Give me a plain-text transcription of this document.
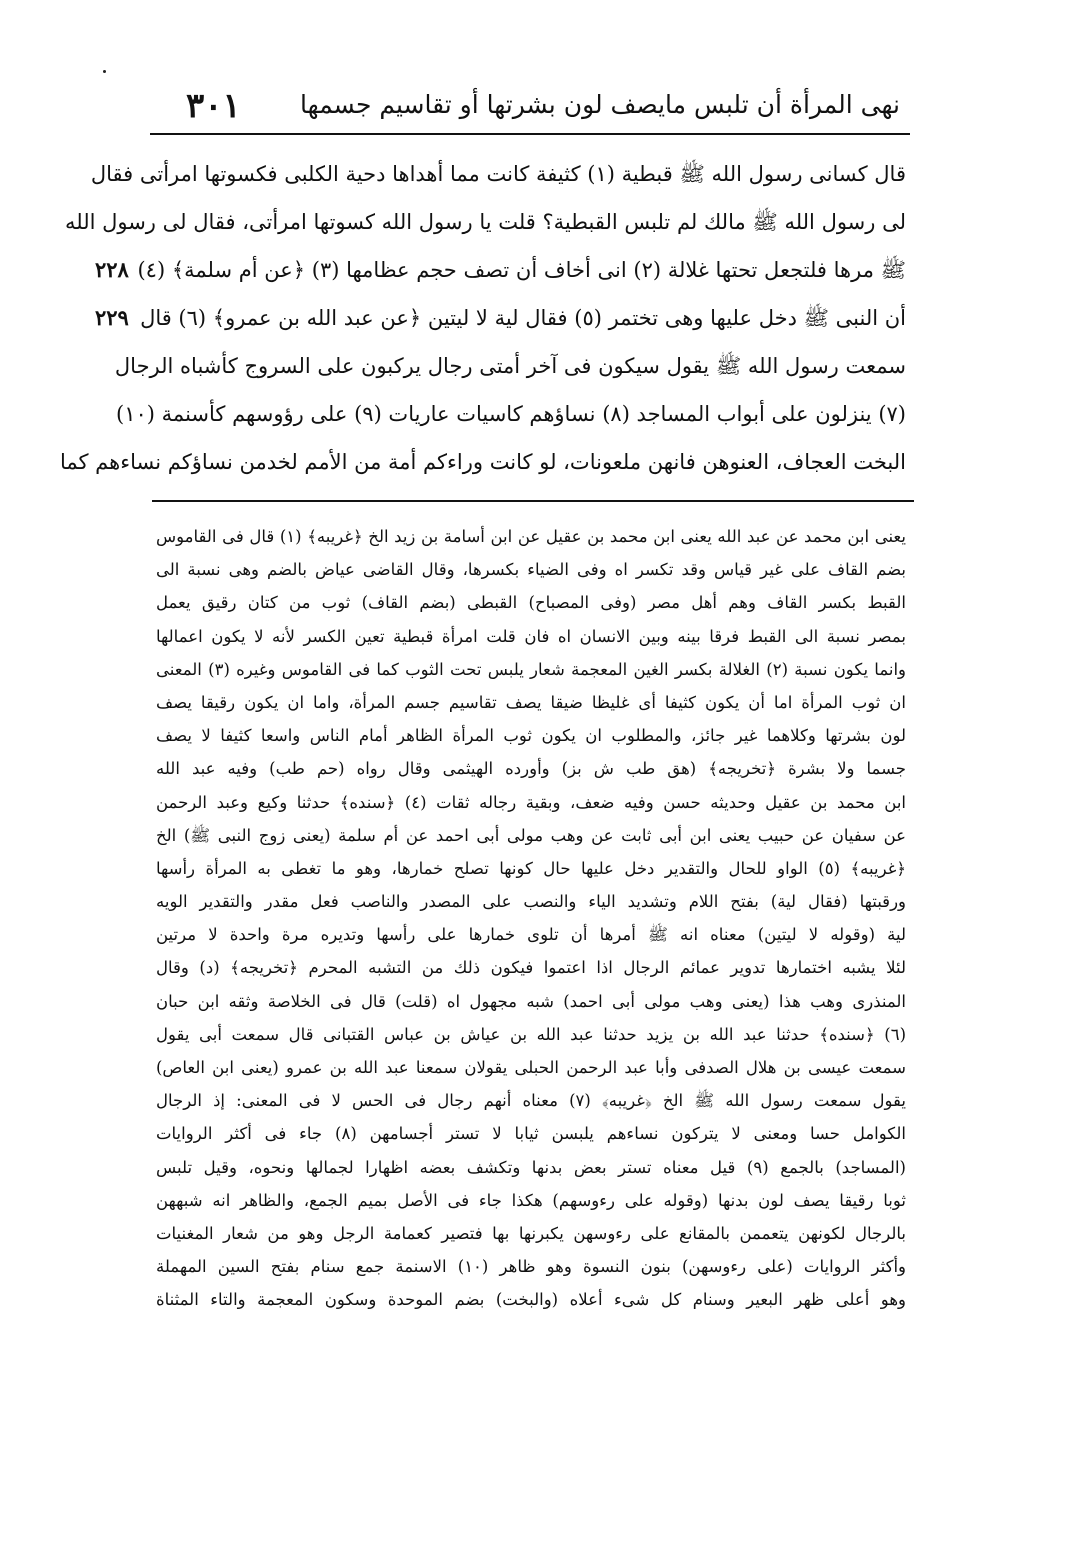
٣٠١ نهى المرأة أن تلبس مايصف لون بشرتها أو تقاسيم جسمها
٢٢٨
٢٢٩
قال كسانى رسول الله ﷺ قبطية (١) كثيفة كانت مما أهداها دحية الكلبى فكسوتها امرأتى فقال
لى رسول الله ﷺ مالك لم تلبس القبطية؟ قلت يا رسول الله كسوتها امرأتى، فقال لى رسول الله
ﷺ مرها فلتجعل تحتها غلالة (٢) انى أخاف أن تصف حجم عظامها (٣) ﴿عن أم سلمة﴾ (٤)
أن النبى ﷺ دخل عليها وهى تختمر (٥) فقال لية لا ليتين ﴿عن عبد الله بن عمرو﴾ (٦) قال
سمعت رسول الله ﷺ يقول سيكون فى آخر أمتى رجال يركبون على السروج كأشباه الرجال
(٧) ينزلون على أبواب المساجد (٨) نساؤهم كاسيات عاريات (٩) على رؤوسهم كأسنمة (١٠)
البخت العجاف، العنوهن فانهن ملعونات، لو كانت وراءكم أمة من الأمم لخدمن نساؤكم نساءهم كما
يعنى ابن محمد عن عبد الله يعنى ابن محمد بن عقيل عن ابن أسامة بن زيد الخ ﴿غريبه﴾ (١) قال فى القاموس
بضم القاف على غير قياس وقد تكسر اه وفى الضياء بكسرها، وقال القاضى عياض بالضم وهى نسبة الى
القبط بكسر القاف وهم أهل مصر (وفى المصباح) القبطى (بضم القاف) ثوب من كتان رقيق يعمل
بمصر نسبة الى القبط فرقا بينه وبين الانسان اه فان قلت امرأة قبطية تعين الكسر لأنه لا يكون اعمالها
وانما يكون نسبة (٢) الغلالة بكسر الغين المعجمة شعار يلبس تحت الثوب كما فى القاموس وغيره (٣) المعنى
ان ثوب المرأة اما أن يكون كثيفا أى غليظا ضيقا يصف تقاسيم جسم المرأة، واما ان يكون رقيقا يصف
لون بشرتها وكلاهما غير جائز، والمطلوب ان يكون ثوب المرأة الظاهر أمام الناس واسعا كثيفا لا يصف
جسما ولا بشرة ﴿تخريجه﴾ (هق طب ش بز) وأورده الهيثمى وقال رواه (حم طب) وفيه عبد الله
ابن محمد بن عقيل وحديثه حسن وفيه ضعف، وبقية رجاله ثقات (٤) ﴿سنده﴾ حدثنا وكيع وعبد الرحمن
عن سفيان عن حبيب يعنى ابن أبى ثابت عن وهب مولى أبى احمد عن أم سلمة (يعنى زوج النبى ﷺ) الخ
﴿غريبه﴾ (٥) الواو للحال والتقدير دخل عليها حال كونها تصلح خمارها، وهو ما تغطى به المرأة رأسها
ورقبتها (فقال لية) بفتح اللام وتشديد الياء والنصب على المصدر والناصب فعل مقدر والتقدير الويه
لية (وقوله لا ليتين) معناه انه ﷺ أمرها أن تلوى خمارها على رأسها وتديره مرة واحدة لا مرتين
لئلا يشبه اختمارها تدوير عمائم الرجال اذا اعتموا فيكون ذلك من التشبه المحرم ﴿تخريجه﴾ (د) وقال
المنذرى وهب هذا (يعنى وهب مولى أبى احمد) شبه مجهول اه (قلت) قال فى الخلاصة وثقه ابن حبان
(٦) ﴿سنده﴾ حدثنا عبد الله بن يزيد حدثنا عبد الله بن عياش بن عباس القتبانى قال سمعت أبى يقول
سمعت عيسى بن هلال الصدفى وأبا عبد الرحمن الحبلى يقولان سمعنا عبد الله بن عمرو (يعنى ابن العاص)
يقول سمعت رسول الله ﷺ الخ ﴿غريبه﴾ (٧) معناه أنهم رجال فى الحس لا فى المعنى: إذ الرجال
الكوامل حسا ومعنى لا يتركون نساءهم يلبسن ثيابا لا تستر أجسامهن (٨) جاء فى أكثر الروايات
(المساجد) بالجمع (٩) قيل معناه تستر بعض بدنها وتكشف بعضه اظهارا لجمالها ونحوه، وقيل تلبس
ثوبا رقيقا يصف لون بدنها (وقوله على رءوسهم) هكذا جاء فى الأصل بميم الجمع، والظاهر انه شبههن
بالرجال لكونهن يتعممن بالمقانع على رءوسهن يكبرنها بها فتصير كعمامة الرجل وهو من شعار المغنيات
وأكثر الروايات (على رءوسهن) بنون النسوة وهو ظاهر (١٠) الاسنمة جمع سنام بفتح السين المهملة
وهو أعلى ظهر البعير وسنام كل شىء أعلاه (والبخت) بضم الموحدة وسكون المعجمة والتاء المثناة
